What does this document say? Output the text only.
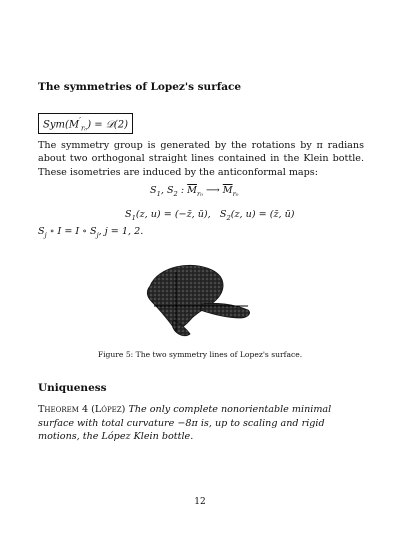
The symmetries of Lopez's surface
$Sym(M'_{r_0})$ = 𝒟(2)

The symmetry group is generated by the rotations by π radians about two orthogonal straight lines contained in the Klein bottle. These isometries are induced by the anticonformal maps:

$S_1$, $S_2$ : $\overline{M}_{r_0}$ ⟶ $\overline{M}_{r_0}$
$S_1(z$, u) = (−z̄, ū), $S_2(z$, u) = (z̄, ū)
$S_j$ ∘ I = I ∘ $S_j$, j = 1, 2.
Figure 5: The two symmetry lines of Lopez's surface.
Uniqueness

Theorem 4 (López) The only complete nonorientable minimal surface with total curvature −8π is, up to scaling and rigid motions, the López Klein bottle.

12
